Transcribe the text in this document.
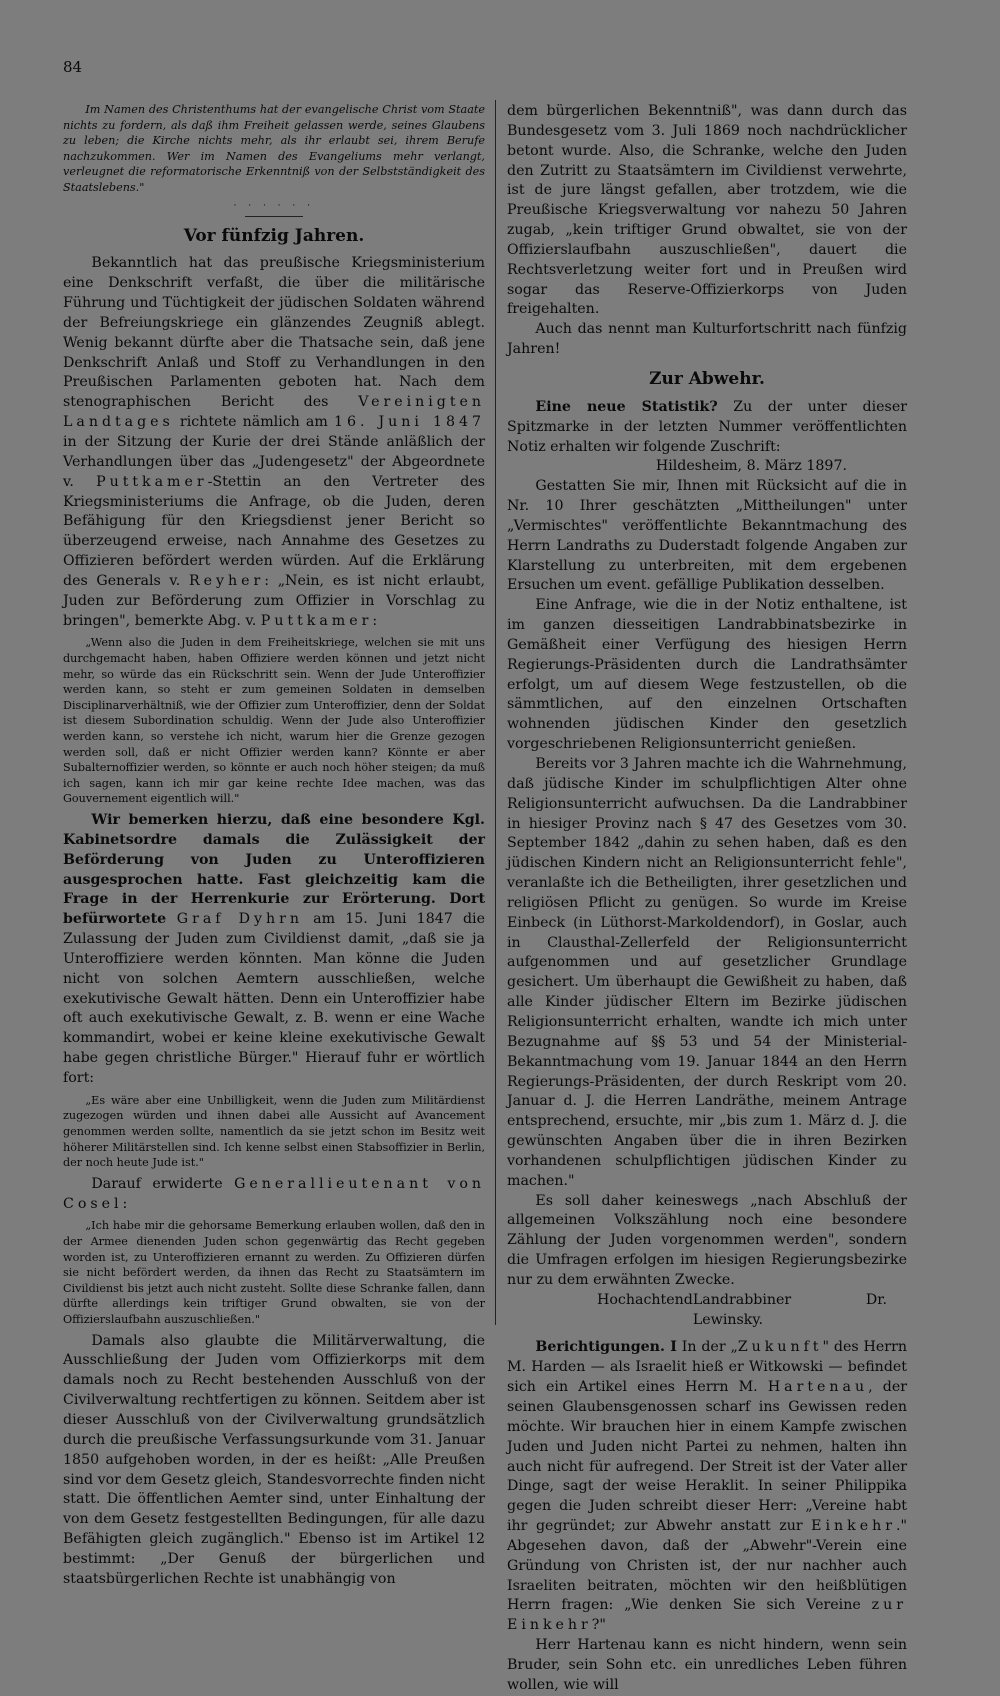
84

Im Namen des Christenthums hat der evangelische Christ vom Staate nichts zu fordern, als daß ihm Freiheit gelassen werde, seines Glaubens zu leben; die Kirche nichts mehr, als ihr erlaubt sei, ihrem Berufe nachzukommen. Wer im Namen des Evangeliums mehr verlangt, verleugnet die reformatorische Erkenntniß von der Selbstständigkeit des Staatslebens."

· · · · · ·
Vor fünfzig Jahren.

Bekanntlich hat das preußische Kriegsministerium eine Denkschrift verfaßt, die über die militärische Führung und Tüchtigkeit der jüdischen Soldaten während der Befreiungskriege ein glänzendes Zeugniß ablegt. Wenig bekannt dürfte aber die Thatsache sein, daß jene Denkschrift Anlaß und Stoff zu Verhandlungen in den Preußischen Parlamenten geboten hat. Nach dem stenographischen Bericht des Vereinigten Landtages richtete nämlich am 16. Juni 1847 in der Sitzung der Kurie der drei Stände anläßlich der Verhandlungen über das „Judengesetz" der Abgeordnete v. Puttkamer-Stettin an den Vertreter des Kriegsministeriums die Anfrage, ob die Juden, deren Befähigung für den Kriegsdienst jener Bericht so überzeugend erweise, nach Annahme des Gesetzes zu Offizieren befördert werden würden. Auf die Erklärung des Generals v. Reyher: „Nein, es ist nicht erlaubt, Juden zur Beförderung zum Offizier in Vorschlag zu bringen", bemerkte Abg. v. Puttkamer:

„Wenn also die Juden in dem Freiheitskriege, welchen sie mit uns durchgemacht haben, haben Offiziere werden können und jetzt nicht mehr, so würde das ein Rückschritt sein. Wenn der Jude Unteroffizier werden kann, so steht er zum gemeinen Soldaten in demselben Disciplinarverhältniß, wie der Offizier zum Unteroffizier, denn der Soldat ist diesem Subordination schuldig. Wenn der Jude also Unteroffizier werden kann, so verstehe ich nicht, warum hier die Grenze gezogen werden soll, daß er nicht Offizier werden kann? Könnte er aber Subalternoffizier werden, so könnte er auch noch höher steigen; da muß ich sagen, kann ich mir gar keine rechte Idee machen, was das Gouvernement eigentlich will."

Wir bemerken hierzu, daß eine besondere Kgl. Kabinetsordre damals die Zulässigkeit der Beförderung von Juden zu Unteroffizieren ausgesprochen hatte. Fast gleichzeitig kam die Frage in der Herrenkurie zur Erörterung. Dort befürwortete Graf Dyhrn am 15. Juni 1847 die Zulassung der Juden zum Civildienst damit, „daß sie ja Unteroffiziere werden könnten. Man könne die Juden nicht von solchen Aemtern ausschließen, welche exekutivische Gewalt hätten. Denn ein Unteroffizier habe oft auch exekutivische Gewalt, z. B. wenn er eine Wache kommandirt, wobei er keine kleine exekutivische Gewalt habe gegen christliche Bürger." Hierauf fuhr er wörtlich fort:

„Es wäre aber eine Unbilligkeit, wenn die Juden zum Militärdienst zugezogen würden und ihnen dabei alle Aussicht auf Avancement genommen werden sollte, namentlich da sie jetzt schon im Besitz weit höherer Militärstellen sind. Ich kenne selbst einen Stabsoffizier in Berlin, der noch heute Jude ist."

Darauf erwiderte Generallieutenant von Cosel:

„Ich habe mir die gehorsame Bemerkung erlauben wollen, daß den in der Armee dienenden Juden schon gegenwärtig das Recht gegeben worden ist, zu Unteroffizieren ernannt zu werden. Zu Offizieren dürfen sie nicht befördert werden, da ihnen das Recht zu Staatsämtern im Civildienst bis jetzt auch nicht zusteht. Sollte diese Schranke fallen, dann dürfte allerdings kein triftiger Grund obwalten, sie von der Offizierslaufbahn auszuschließen."

Damals also glaubte die Militärverwaltung, die Ausschließung der Juden vom Offizierkorps mit dem damals noch zu Recht bestehenden Ausschluß von der Civilverwaltung rechtfertigen zu können. Seitdem aber ist dieser Ausschluß von der Civilverwaltung grundsätzlich durch die preußische Verfassungsurkunde vom 31. Januar 1850 aufgehoben worden, in der es heißt: „Alle Preußen sind vor dem Gesetz gleich, Standesvorrechte finden nicht statt. Die öffentlichen Aemter sind, unter Einhaltung der von dem Gesetz festgestellten Bedingungen, für alle dazu Befähigten gleich zugänglich." Ebenso ist im Artikel 12 bestimmt: „Der Genuß der bürgerlichen und staatsbürgerlichen Rechte ist unabhängig von

dem bürgerlichen Bekenntniß", was dann durch das Bundesgesetz vom 3. Juli 1869 noch nachdrücklicher betont wurde. Also, die Schranke, welche den Juden den Zutritt zu Staatsämtern im Civildienst verwehrte, ist de jure längst gefallen, aber trotzdem, wie die Preußische Kriegsverwaltung vor nahezu 50 Jahren zugab, „kein triftiger Grund obwaltet, sie von der Offizierslaufbahn auszuschließen", dauert die Rechtsverletzung weiter fort und in Preußen wird sogar das Reserve-Offizierkorps von Juden freigehalten.

Auch das nennt man Kulturfortschritt nach fünfzig Jahren!

Zur Abwehr.

Eine neue Statistik? Zu der unter dieser Spitzmarke in der letzten Nummer veröffentlichten Notiz erhalten wir folgende Zuschrift:

Hildesheim, 8. März 1897.

Gestatten Sie mir, Ihnen mit Rücksicht auf die in Nr. 10 Ihrer geschätzten „Mittheilungen" unter „Vermischtes" veröffentlichte Bekanntmachung des Herrn Landraths zu Duderstadt folgende Angaben zur Klarstellung zu unterbreiten, mit dem ergebenen Ersuchen um event. gefällige Publikation desselben.

Eine Anfrage, wie die in der Notiz enthaltene, ist im ganzen diesseitigen Landrabbinatsbezirke in Gemäßheit einer Verfügung des hiesigen Herrn Regierungs-Präsidenten durch die Landrathsämter erfolgt, um auf diesem Wege festzustellen, ob die sämmtlichen, auf den einzelnen Ortschaften wohnenden jüdischen Kinder den gesetzlich vorgeschriebenen Religionsunterricht genießen.

Bereits vor 3 Jahren machte ich die Wahrnehmung, daß jüdische Kinder im schulpflichtigen Alter ohne Religionsunterricht aufwuchsen. Da die Landrabbiner in hiesiger Provinz nach § 47 des Gesetzes vom 30. September 1842 „dahin zu sehen haben, daß es den jüdischen Kindern nicht an Religionsunterricht fehle", veranlaßte ich die Betheiligten, ihrer gesetzlichen und religiösen Pflicht zu genügen. So wurde im Kreise Einbeck (in Lüthorst-Markoldendorf), in Goslar, auch in Clausthal-Zellerfeld der Religionsunterricht aufgenommen und auf gesetzlicher Grundlage gesichert. Um überhaupt die Gewißheit zu haben, daß alle Kinder jüdischer Eltern im Bezirke jüdischen Religionsunterricht erhalten, wandte ich mich unter Bezugnahme auf §§ 53 und 54 der Ministerial-Bekanntmachung vom 19. Januar 1844 an den Herrn Regierungs-Präsidenten, der durch Reskript vom 20. Januar d. J. die Herren Landräthe, meinem Antrage entsprechend, ersuchte, mir „bis zum 1. März d. J. die gewünschten Angaben über die in ihren Bezirken vorhandenen schulpflichtigen jüdischen Kinder zu machen."

Es soll daher keineswegs „nach Abschluß der allgemeinen Volkszählung noch eine besondere Zählung der Juden vorgenommen werden", sondern die Umfragen erfolgen im hiesigen Regierungsbezirke nur zu dem erwähnten Zwecke.

Hochachtend Landrabbiner Dr. Lewinsky.

Berichtigungen. I In der „Zukunft" des Herrn M. Harden — als Israelit hieß er Witkowski — befindet sich ein Artikel eines Herrn M. Hartenau, der seinen Glaubensgenossen scharf ins Gewissen reden möchte. Wir brauchen hier in einem Kampfe zwischen Juden und Juden nicht Partei zu nehmen, halten ihn auch nicht für aufregend. Der Streit ist der Vater aller Dinge, sagt der weise Heraklit. In seiner Philippika gegen die Juden schreibt dieser Herr: „Vereine habt ihr gegründet; zur Abwehr anstatt zur Einkehr." Abgesehen davon, daß der „Abwehr"-Verein eine Gründung von Christen ist, der nur nachher auch Israeliten beitraten, möchten wir den heißblütigen Herrn fragen: „Wie denken Sie sich Vereine zur Einkehr?"

Herr Hartenau kann es nicht hindern, wenn sein Bruder, sein Sohn etc. ein unredliches Leben führen wollen, wie will
